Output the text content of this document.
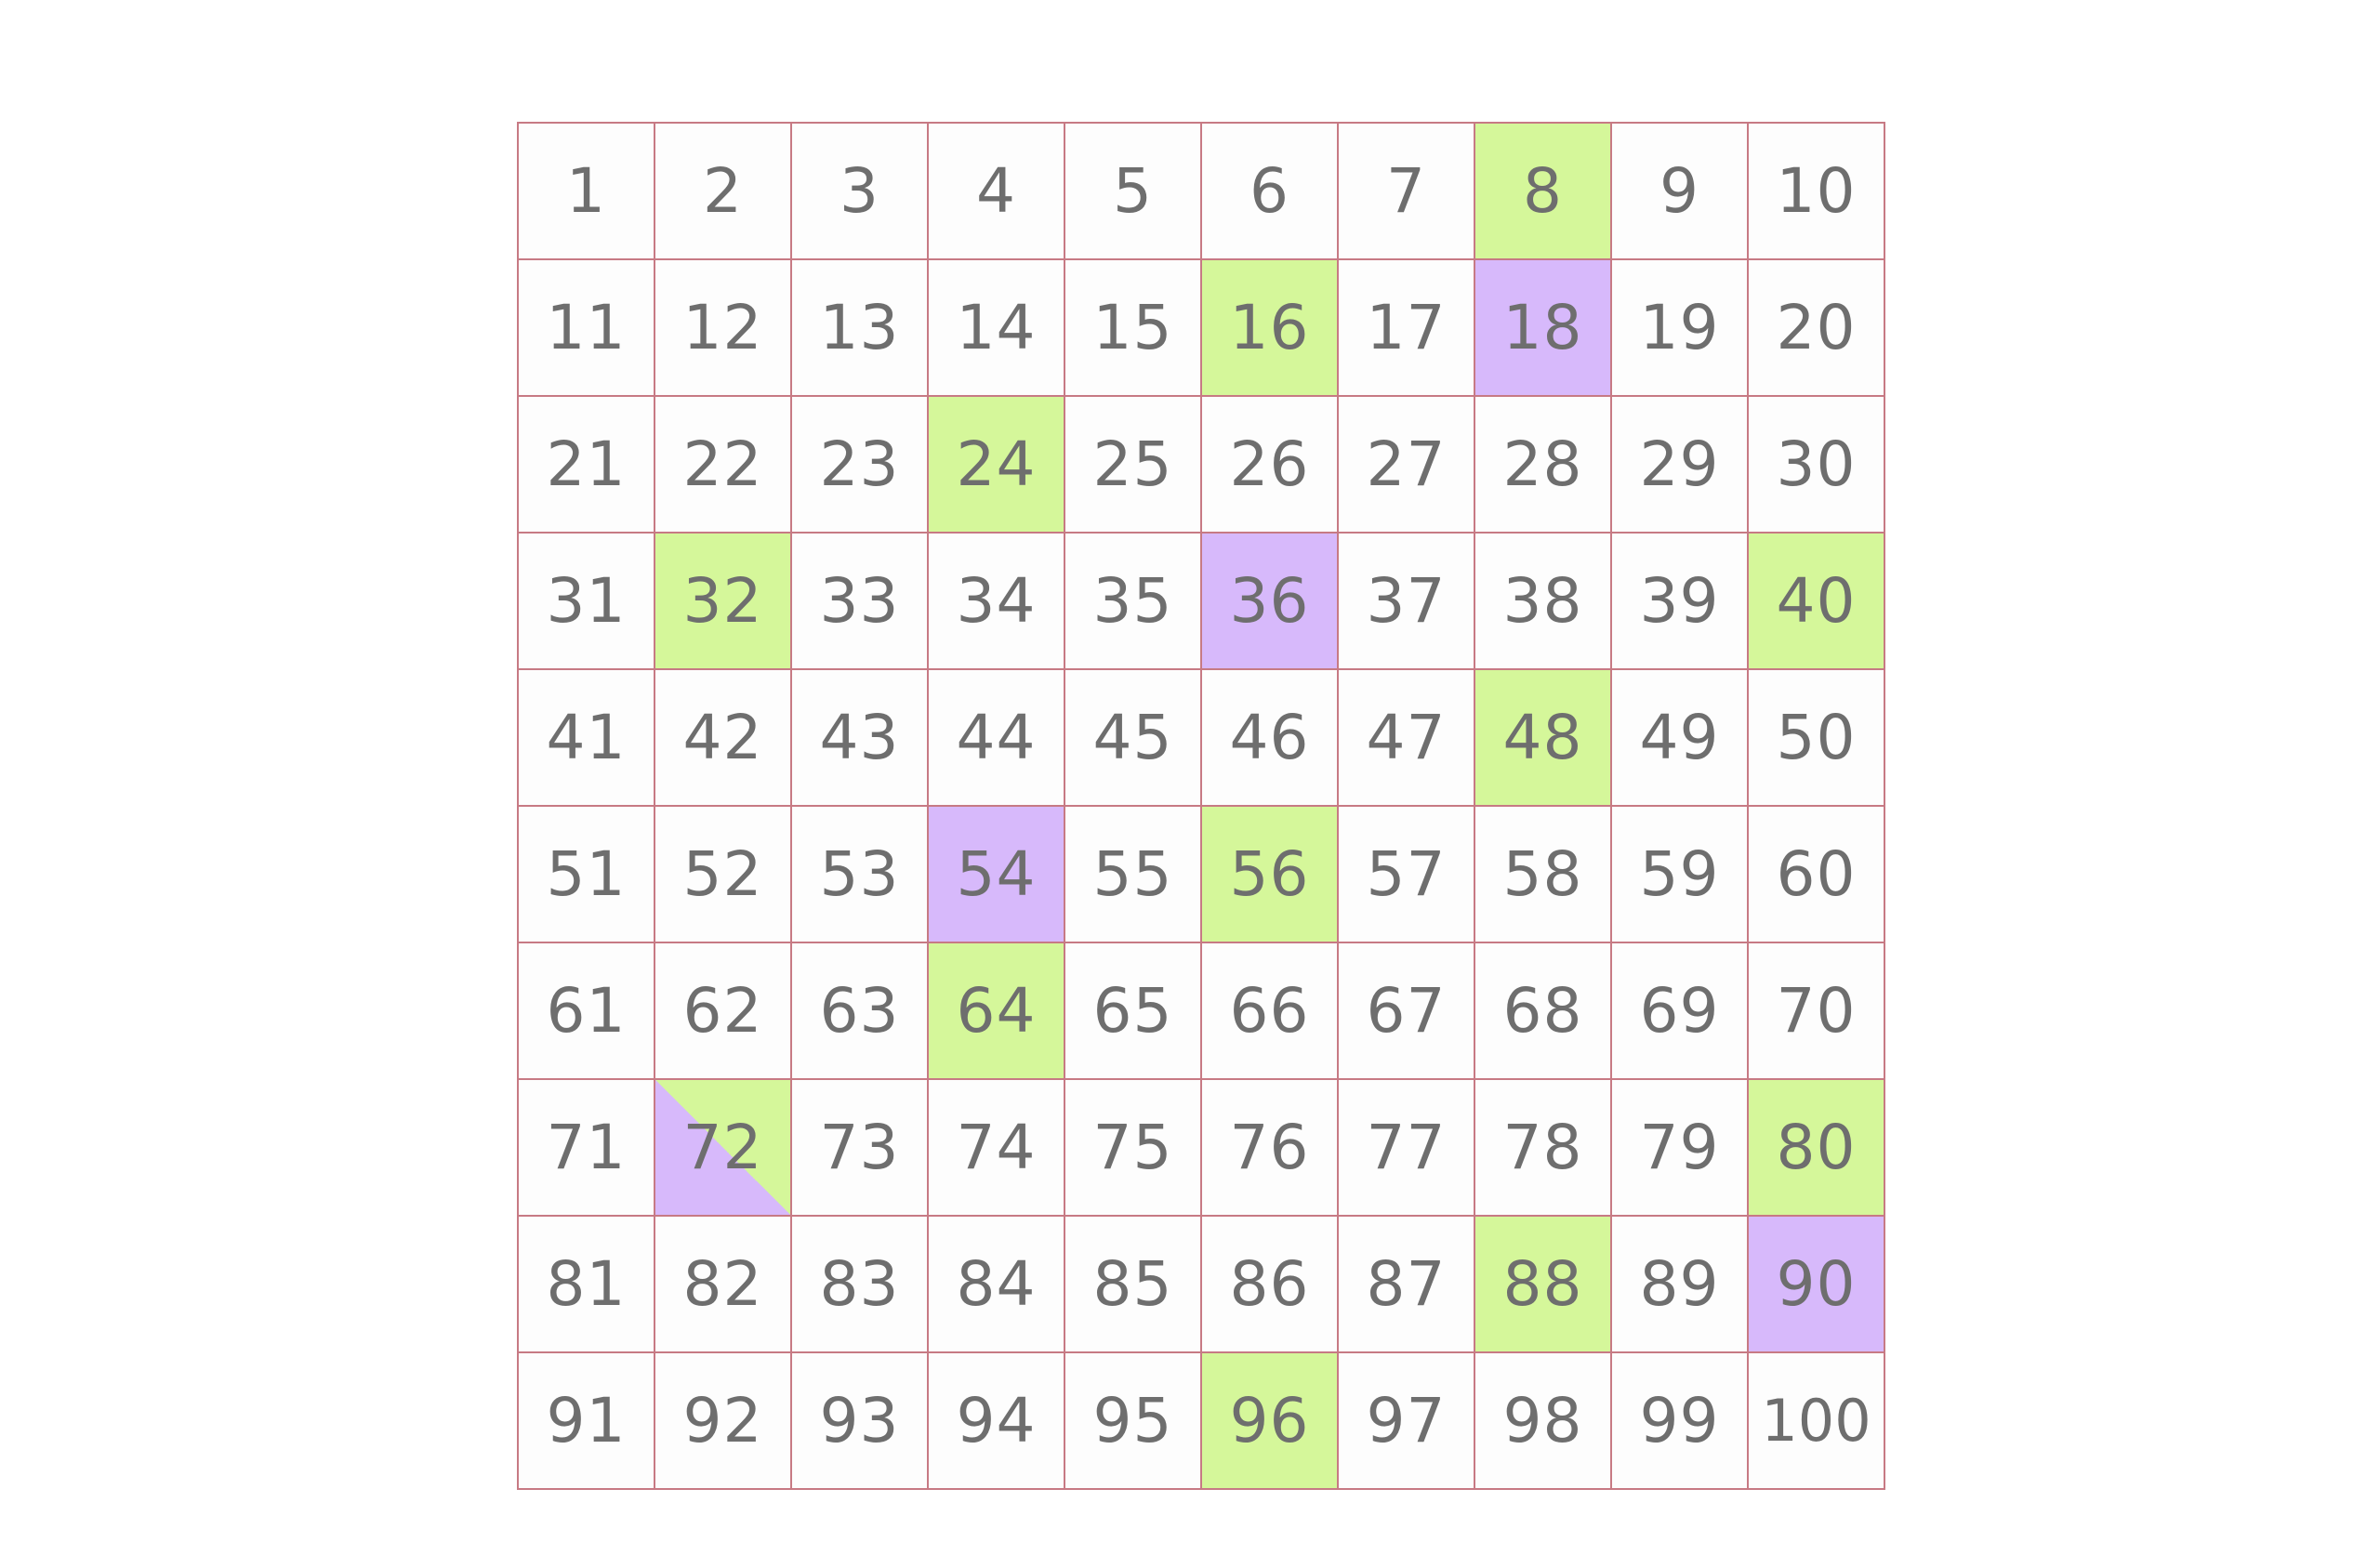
1 2 3 4 5 6 7 8 9 10
11 12 13 14 15 16 17 18 19 20
21 22 23 24 25 26 27 28 29 30
31 32 33 34 35 36 37 38 39 40
41 42 43 44 45 46 47 48 49 50
51 52 53 54 55 56 57 58 59 60
61 62 63 64 65 66 67 68 69 70
71 72 73 74 75 76 77 78 79 80
81 82 83 84 85 86 87 88 89 90
91 92 93 94 95 96 97 98 99 100
